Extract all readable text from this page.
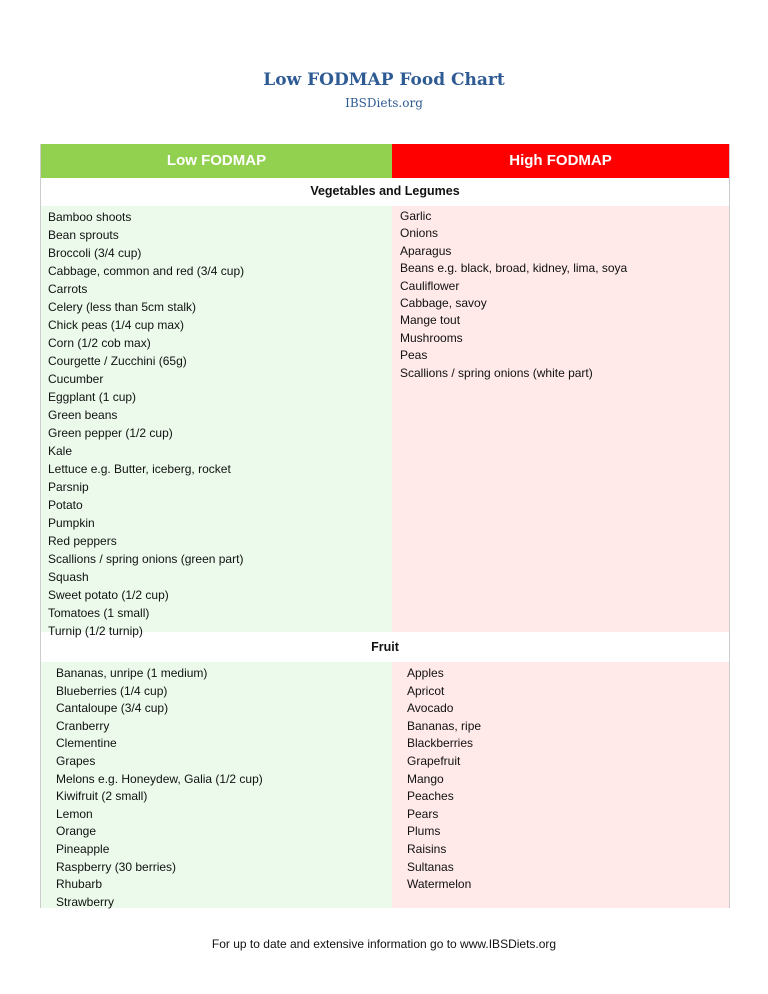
Low FODMAP Food Chart
IBSDiets.org
Low FODMAP	High FODMAP
Vegetables and Legumes
Bamboo shoots
Bean sprouts
Broccoli (3/4 cup)
Cabbage, common and red (3/4 cup)
Carrots
Celery (less than 5cm stalk)
Chick peas (1/4 cup max)
Corn (1/2 cob max)
Courgette / Zucchini (65g)
Cucumber
Eggplant (1 cup)
Green beans
Green pepper (1/2 cup)
Kale
Lettuce e.g. Butter, iceberg, rocket
Parsnip
Potato
Pumpkin
Red peppers
Scallions / spring onions (green part)
Squash
Sweet potato (1/2 cup)
Tomatoes (1 small)
Turnip (1/2 turnip)
Garlic
Onions
Aparagus
Beans e.g. black, broad, kidney, lima, soya
Cauliflower
Cabbage, savoy
Mange tout
Mushrooms
Peas
Scallions / spring onions (white part)
Fruit
Bananas, unripe (1 medium)
Blueberries (1/4 cup)
Cantaloupe (3/4 cup)
Cranberry
Clementine
Grapes
Melons e.g. Honeydew, Galia (1/2 cup)
Kiwifruit (2 small)
Lemon
Orange
Pineapple
Raspberry (30 berries)
Rhubarb
Strawberry
Apples
Apricot
Avocado
Bananas, ripe
Blackberries
Grapefruit
Mango
Peaches
Pears
Plums
Raisins
Sultanas
Watermelon
For up to date and extensive information go to www.IBSDiets.org
